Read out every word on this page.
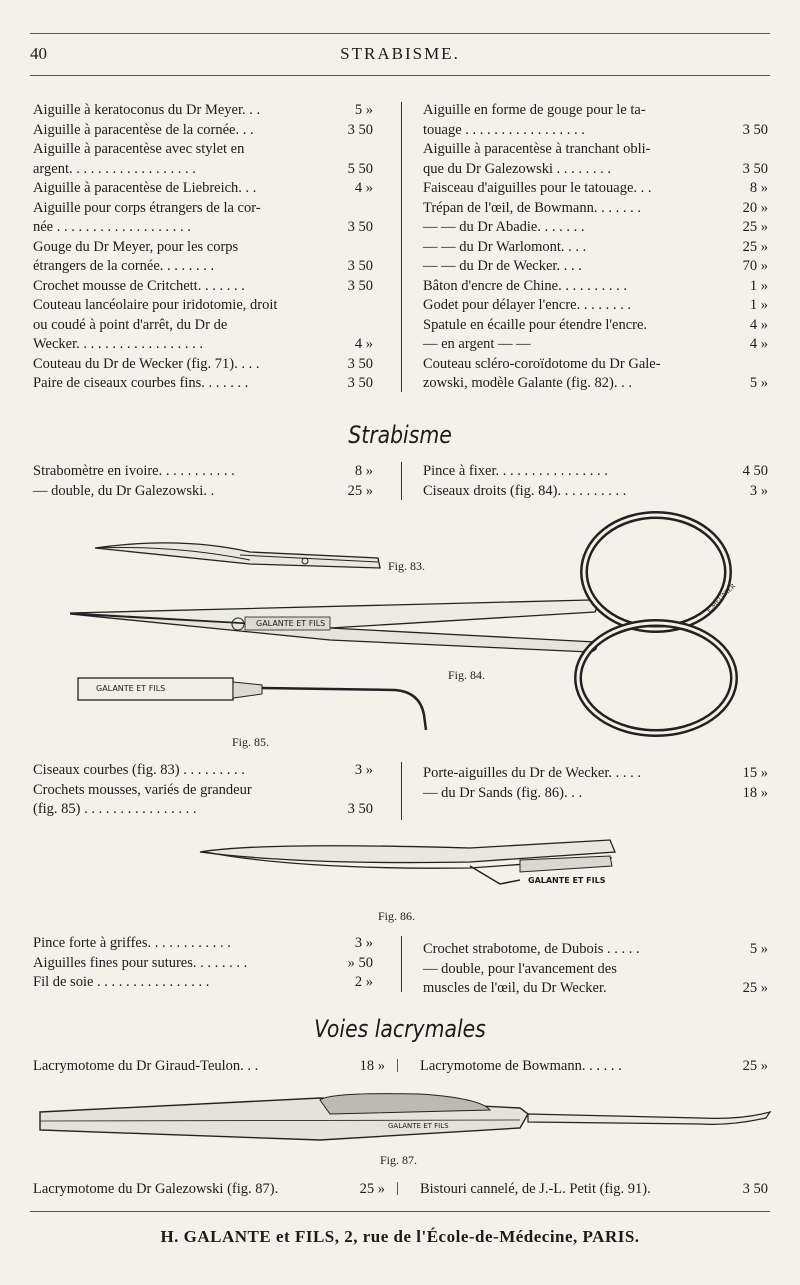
40	STRABISME.
Aiguille à keratoconus du Dr Meyer. . .	5 »
Aiguille à paracentèse de la cornée. . .	3 50
Aiguille à paracentèse avec stylet en
argent. . . . . . . . . . . . . . . . . .	5 50
Aiguille à paracentèse de Liebreich. . .	4 »
Aiguille pour corps étrangers de la cor-
née . . . . . . . . . . . . . . . . . . .	3 50
Gouge du Dr Meyer, pour les corps
étrangers de la cornée. . . . . . . .	3 50
Crochet mousse de Critchett. . . . . . .	3 50
Couteau lancéolaire pour iridotomie, droit
ou coudé à point d'arrêt, du Dr de
Wecker. . . . . . . . . . . . . . . . . .	4 »
Couteau du Dr de Wecker (fig. 71). . . .	3 50
Paire de ciseaux courbes fins. . . . . . .	3 50
Aiguille en forme de gouge pour le ta-
touage . . . . . . . . . . . . . . . . .	3 50
Aiguille à paracentèse à tranchant obli-
que du Dr Galezowski . . . . . . . .	3 50
Faisceau d'aiguilles pour le tatouage. . .	8 »
Trépan de l'œil, de Bowmann. . . . . . .	20 »
— — du Dr Abadie. . . . . . .	25 »
— — du Dr Warlomont. . . .	25 »
— — du Dr de Wecker. . . .	70 »
Bâton d'encre de Chine. . . . . . . . . .	1 »
Godet pour délayer l'encre. . . . . . . .	1 »
Spatule en écaille pour étendre l'encre.	4 »
— en argent — —	4 »
Couteau scléro-coroïdotome du Dr Gale-
zowski, modèle Galante (fig. 82). . .	5 »
Strabisme
Strabomètre en ivoire. . . . . . . . . . .	8 »
— double, du Dr Galezowski. .	25 »
Pince à fixer. . . . . . . . . . . . . . . .	4 50
Ciseaux droits (fig. 84). . . . . . . . . .	3 »
Fig. 83.
Fig. 84.
Fig. 85.
E.MEUNIER
GALANTE ET FILS
GALANTE ET FILS
Ciseaux courbes (fig. 83) . . . . . . . . .	3 »
Crochets mousses, variés de grandeur
(fig. 85) . . . . . . . . . . . . . . . .	3 50
Porte-aiguilles du Dr de Wecker. . . . .	15 »
— du Dr Sands (fig. 86). . .	18 »
GALANTE ET FILS
Fig. 86.
Pince forte à griffes. . . . . . . . . . . .	3 »
Aiguilles fines pour sutures. . . . . . . .	» 50
Fil de soie . . . . . . . . . . . . . . . .	2 »
Crochet strabotome, de Dubois . . . . .	5 »
— double, pour l'avancement des
muscles de l'œil, du Dr Wecker.	25 »
Voies lacrymales
Lacrymotome du Dr Giraud-Teulon. . .	18 » | Lacrymotome de Bowmann. . . . . .	25 »
GALANTE ET FILS
Fig. 87.
Lacrymotome du Dr Galezowski (fig. 87).	25 » | Bistouri cannelé, de J.-L. Petit (fig. 91).	3 50
H. GALANTE et FILS, 2, rue de l'École-de-Médecine, PARIS.
